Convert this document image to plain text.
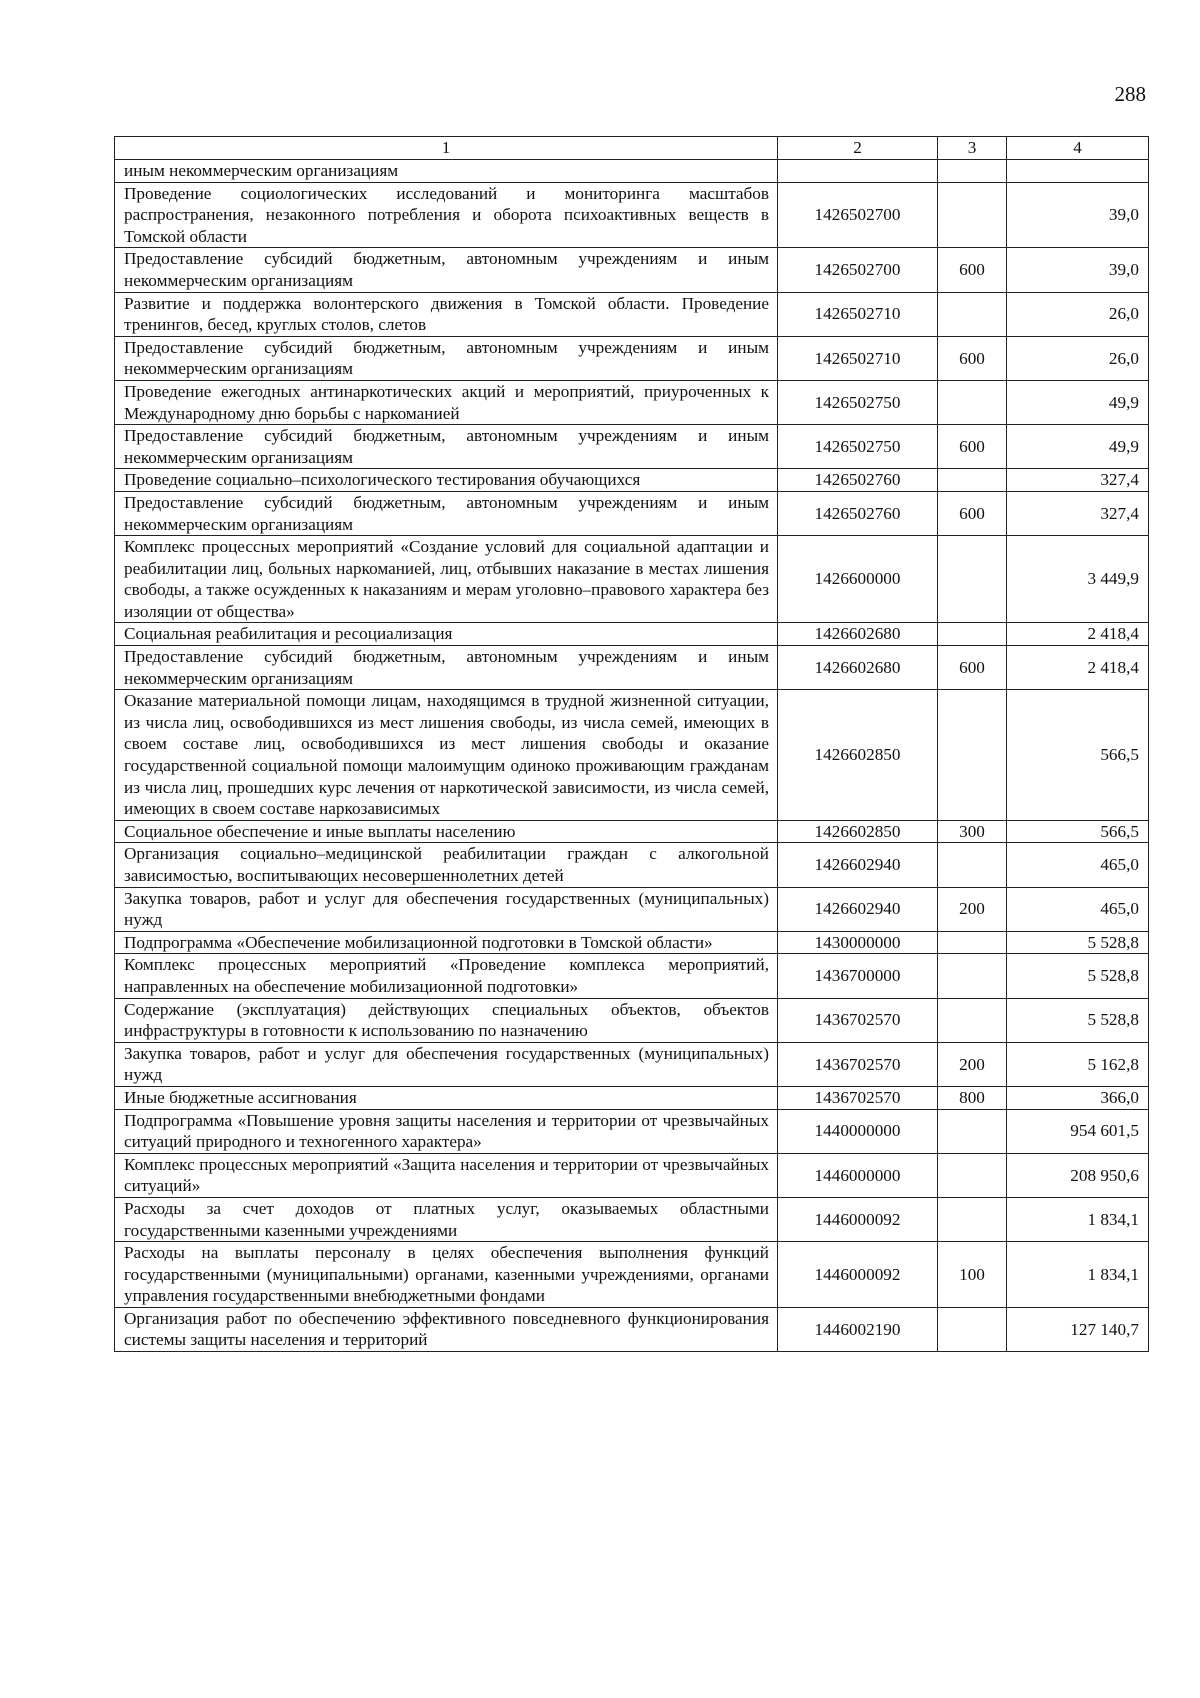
288
1	2	3	4
иным некоммерческим организациям			
Проведение социологических исследований и мониторинга масштабов распространения, незаконного потребления и оборота психоактивных веществ в Томской области	1426502700		39,0
Предоставление субсидий бюджетным, автономным учреждениям и иным некоммерческим организациям	1426502700	600	39,0
Развитие и поддержка волонтерского движения в Томской области. Проведение тренингов, бесед, круглых столов, слетов	1426502710		26,0
Предоставление субсидий бюджетным, автономным учреждениям и иным некоммерческим организациям	1426502710	600	26,0
Проведение ежегодных антинаркотических акций и мероприятий, приуроченных к Международному дню борьбы с наркоманией	1426502750		49,9
Предоставление субсидий бюджетным, автономным учреждениям и иным некоммерческим организациям	1426502750	600	49,9
Проведение социально–психологического тестирования обучающихся	1426502760		327,4
Предоставление субсидий бюджетным, автономным учреждениям и иным некоммерческим организациям	1426502760	600	327,4
Комплекс процессных мероприятий «Создание условий для социальной адаптации и реабилитации лиц, больных наркоманией, лиц, отбывших наказание в местах лишения свободы, а также осужденных к наказаниям и мерам уголовно–правового характера без изоляции от общества»	1426600000		3 449,9
Социальная реабилитация и ресоциализация	1426602680		2 418,4
Предоставление субсидий бюджетным, автономным учреждениям и иным некоммерческим организациям	1426602680	600	2 418,4
Оказание материальной помощи лицам, находящимся в трудной жизненной ситуации, из числа лиц, освободившихся из мест лишения свободы, из числа семей, имеющих в своем составе лиц, освободившихся из мест лишения свободы и оказание государственной социальной помощи малоимущим одиноко проживающим гражданам из числа лиц, прошедших курс лечения от наркотической зависимости, из числа семей, имеющих в своем составе наркозависимых	1426602850		566,5
Социальное обеспечение и иные выплаты населению	1426602850	300	566,5
Организация социально–медицинской реабилитации граждан с алкогольной зависимостью, воспитывающих несовершеннолетних детей	1426602940		465,0
Закупка товаров, работ и услуг для обеспечения государственных (муниципальных) нужд	1426602940	200	465,0
Подпрограмма «Обеспечение мобилизационной подготовки в Томской области»	1430000000		5 528,8
Комплекс процессных мероприятий «Проведение комплекса мероприятий, направленных на обеспечение мобилизационной подготовки»	1436700000		5 528,8
Содержание (эксплуатация) действующих специальных объектов, объектов инфраструктуры в готовности к использованию по назначению	1436702570		5 528,8
Закупка товаров, работ и услуг для обеспечения государственных (муниципальных) нужд	1436702570	200	5 162,8
Иные бюджетные ассигнования	1436702570	800	366,0
Подпрограмма «Повышение уровня защиты населения и территории от чрезвычайных ситуаций природного и техногенного характера»	1440000000		954 601,5
Комплекс процессных мероприятий «Защита населения и территории от чрезвычайных ситуаций»	1446000000		208 950,6
Расходы за счет доходов от платных услуг, оказываемых областными государственными казенными учреждениями	1446000092		1 834,1
Расходы на выплаты персоналу в целях обеспечения выполнения функций государственными (муниципальными) органами, казенными учреждениями, органами управления государственными внебюджетными фондами	1446000092	100	1 834,1
Организация работ по обеспечению эффективного повседневного функционирования системы защиты населения и территорий	1446002190		127 140,7
